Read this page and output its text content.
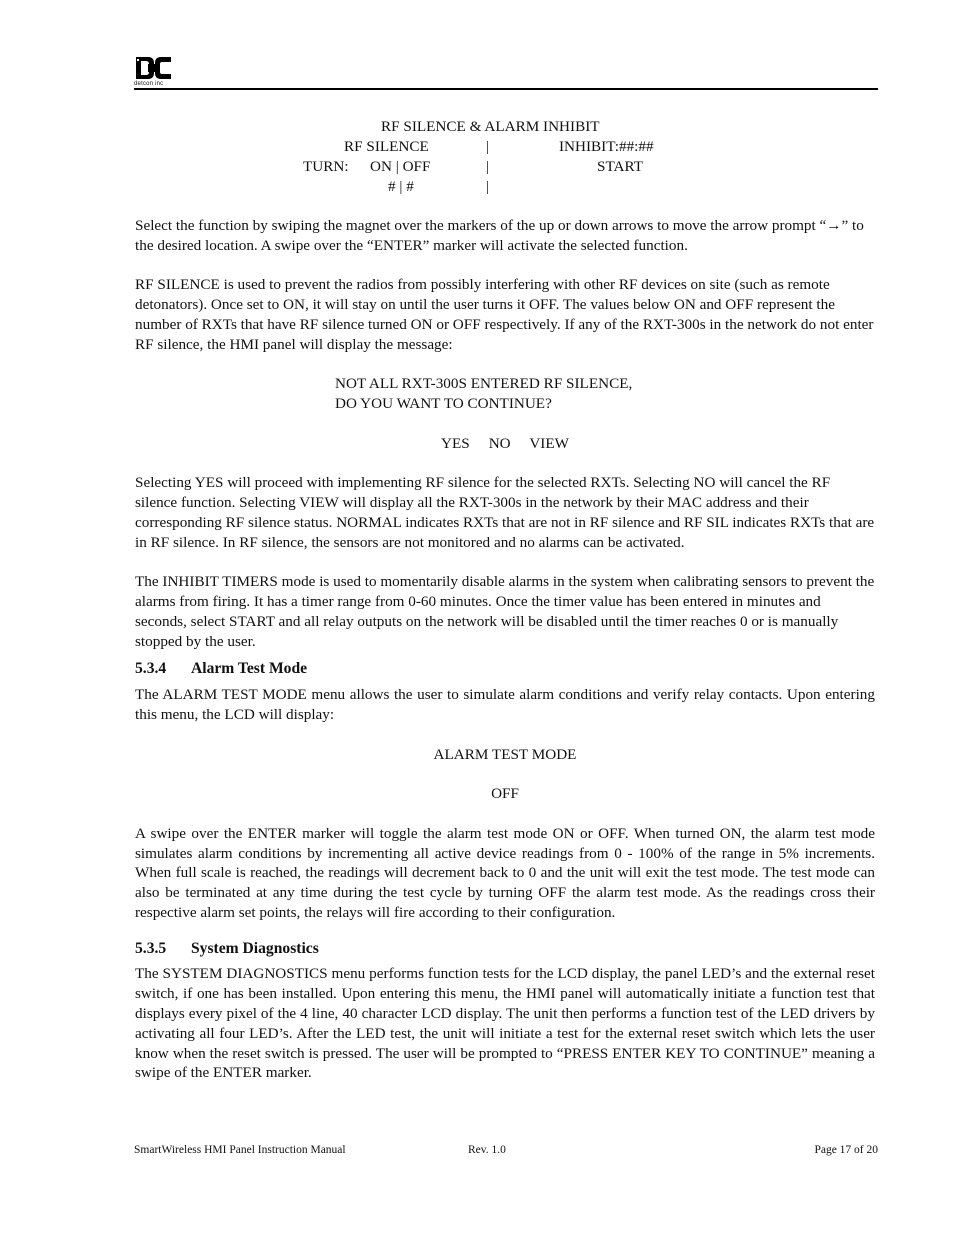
detcon inc
RF SILENCE & ALARM INHIBIT
RF SILENCE	|	INHIBIT:##:##
TURN: ON | OFF	|	START
# | #	|

Select the function by swiping the magnet over the markers of the up or down arrows to move the arrow prompt “→” to the desired location. A swipe over the “ENTER” marker will activate the selected function.

RF SILENCE is used to prevent the radios from possibly interfering with other RF devices on site (such as remote detonators). Once set to ON, it will stay on until the user turns it OFF. The values below ON and OFF represent the number of RXTs that have RF silence turned ON or OFF respectively. If any of the RXT-300s in the network do not enter RF silence, the HMI panel will display the message:

NOT ALL RXT-300S ENTERED RF SILENCE,

DO YOU WANT TO CONTINUE?

YES     NO     VIEW

Selecting YES will proceed with implementing RF silence for the selected RXTs. Selecting NO will cancel the RF silence function. Selecting VIEW will display all the RXT-300s in the network by their MAC address and their corresponding RF silence status. NORMAL indicates RXTs that are not in RF silence and RF SIL indicates RXTs that are in RF silence. In RF silence, the sensors are not monitored and no alarms can be activated.

The INHIBIT TIMERS mode is used to momentarily disable alarms in the system when calibrating sensors to prevent the alarms from firing. It has a timer range from 0-60 minutes. Once the timer value has been entered in minutes and seconds, select START and all relay outputs on the network will be disabled until the timer reaches 0 or is manually stopped by the user.

5.3.4	Alarm Test Mode

The ALARM TEST MODE menu allows the user to simulate alarm conditions and verify relay contacts. Upon entering this menu, the LCD will display:

ALARM TEST MODE

OFF

A swipe over the ENTER marker will toggle the alarm test mode ON or OFF. When turned ON, the alarm test mode simulates alarm conditions by incrementing all active device readings from 0 - 100% of the range in 5% increments. When full scale is reached, the readings will decrement back to 0 and the unit will exit the test mode. The test mode can also be terminated at any time during the test cycle by turning OFF the alarm test mode. As the readings cross their respective alarm set points, the relays will fire according to their configuration.

5.3.5	System Diagnostics

The SYSTEM DIAGNOSTICS menu performs function tests for the LCD display, the panel LED’s and the external reset switch, if one has been installed. Upon entering this menu, the HMI panel will automatically initiate a function test that displays every pixel of the 4 line, 40 character LCD display. The unit then performs a function test of the LED drivers by activating all four LED’s. After the LED test, the unit will initiate a test for the external reset switch which lets the user know when the reset switch is pressed. The user will be prompted to “PRESS ENTER KEY TO CONTINUE” meaning a swipe of the ENTER marker.

SmartWireless HMI Panel Instruction Manual	Rev. 1.0	Page 17 of 20
